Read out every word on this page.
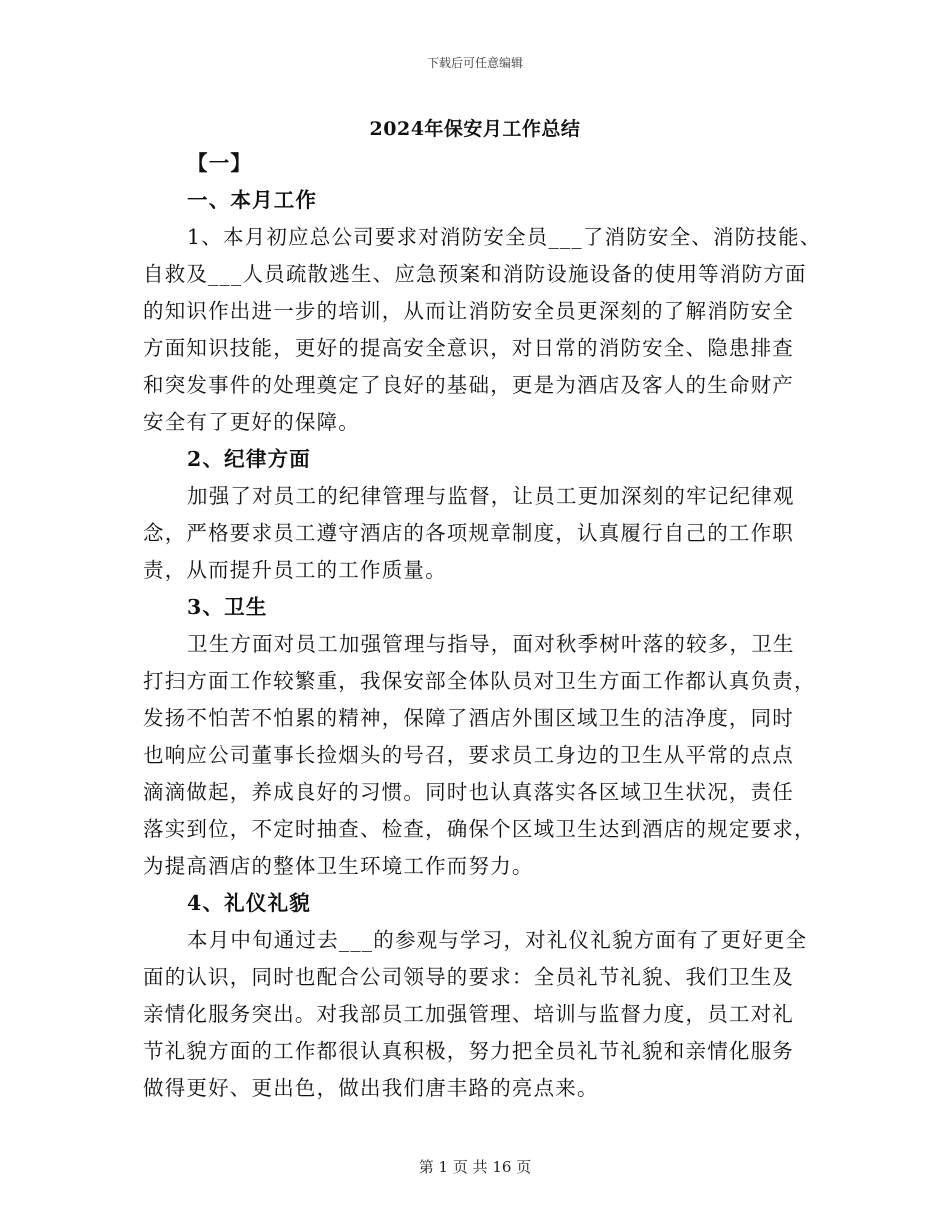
下载后可任意编辑
2024年保安月工作总结
【一】
一、本月工作
1、本月初应总公司要求对消防安全员___了消防安全、消防技能、
自救及___人员疏散逃生、应急预案和消防设施设备的使用等消防方面
的知识作出进一步的培训，从而让消防安全员更深刻的了解消防安全
方面知识技能，更好的提高安全意识，对日常的消防安全、隐患排查
和突发事件的处理奠定了良好的基础，更是为酒店及客人的生命财产
安全有了更好的保障。
2、纪律方面
加强了对员工的纪律管理与监督，让员工更加深刻的牢记纪律观
念，严格要求员工遵守酒店的各项规章制度，认真履行自己的工作职
责，从而提升员工的工作质量。
3、卫生
卫生方面对员工加强管理与指导，面对秋季树叶落的较多，卫生
打扫方面工作较繁重，我保安部全体队员对卫生方面工作都认真负责，
发扬不怕苦不怕累的精神，保障了酒店外围区域卫生的洁净度，同时
也响应公司董事长捡烟头的号召，要求员工身边的卫生从平常的点点
滴滴做起，养成良好的习惯。同时也认真落实各区域卫生状况，责任
落实到位，不定时抽查、检查，确保个区域卫生达到酒店的规定要求，
为提高酒店的整体卫生环境工作而努力。
4、礼仪礼貌
本月中旬通过去___的参观与学习，对礼仪礼貌方面有了更好更全
面的认识，同时也配合公司领导的要求：全员礼节礼貌、我们卫生及
亲情化服务突出。对我部员工加强管理、培训与监督力度，员工对礼
节礼貌方面的工作都很认真积极，努力把全员礼节礼貌和亲情化服务
做得更好、更出色，做出我们唐丰路的亮点来。
第 1 页 共 16 页
